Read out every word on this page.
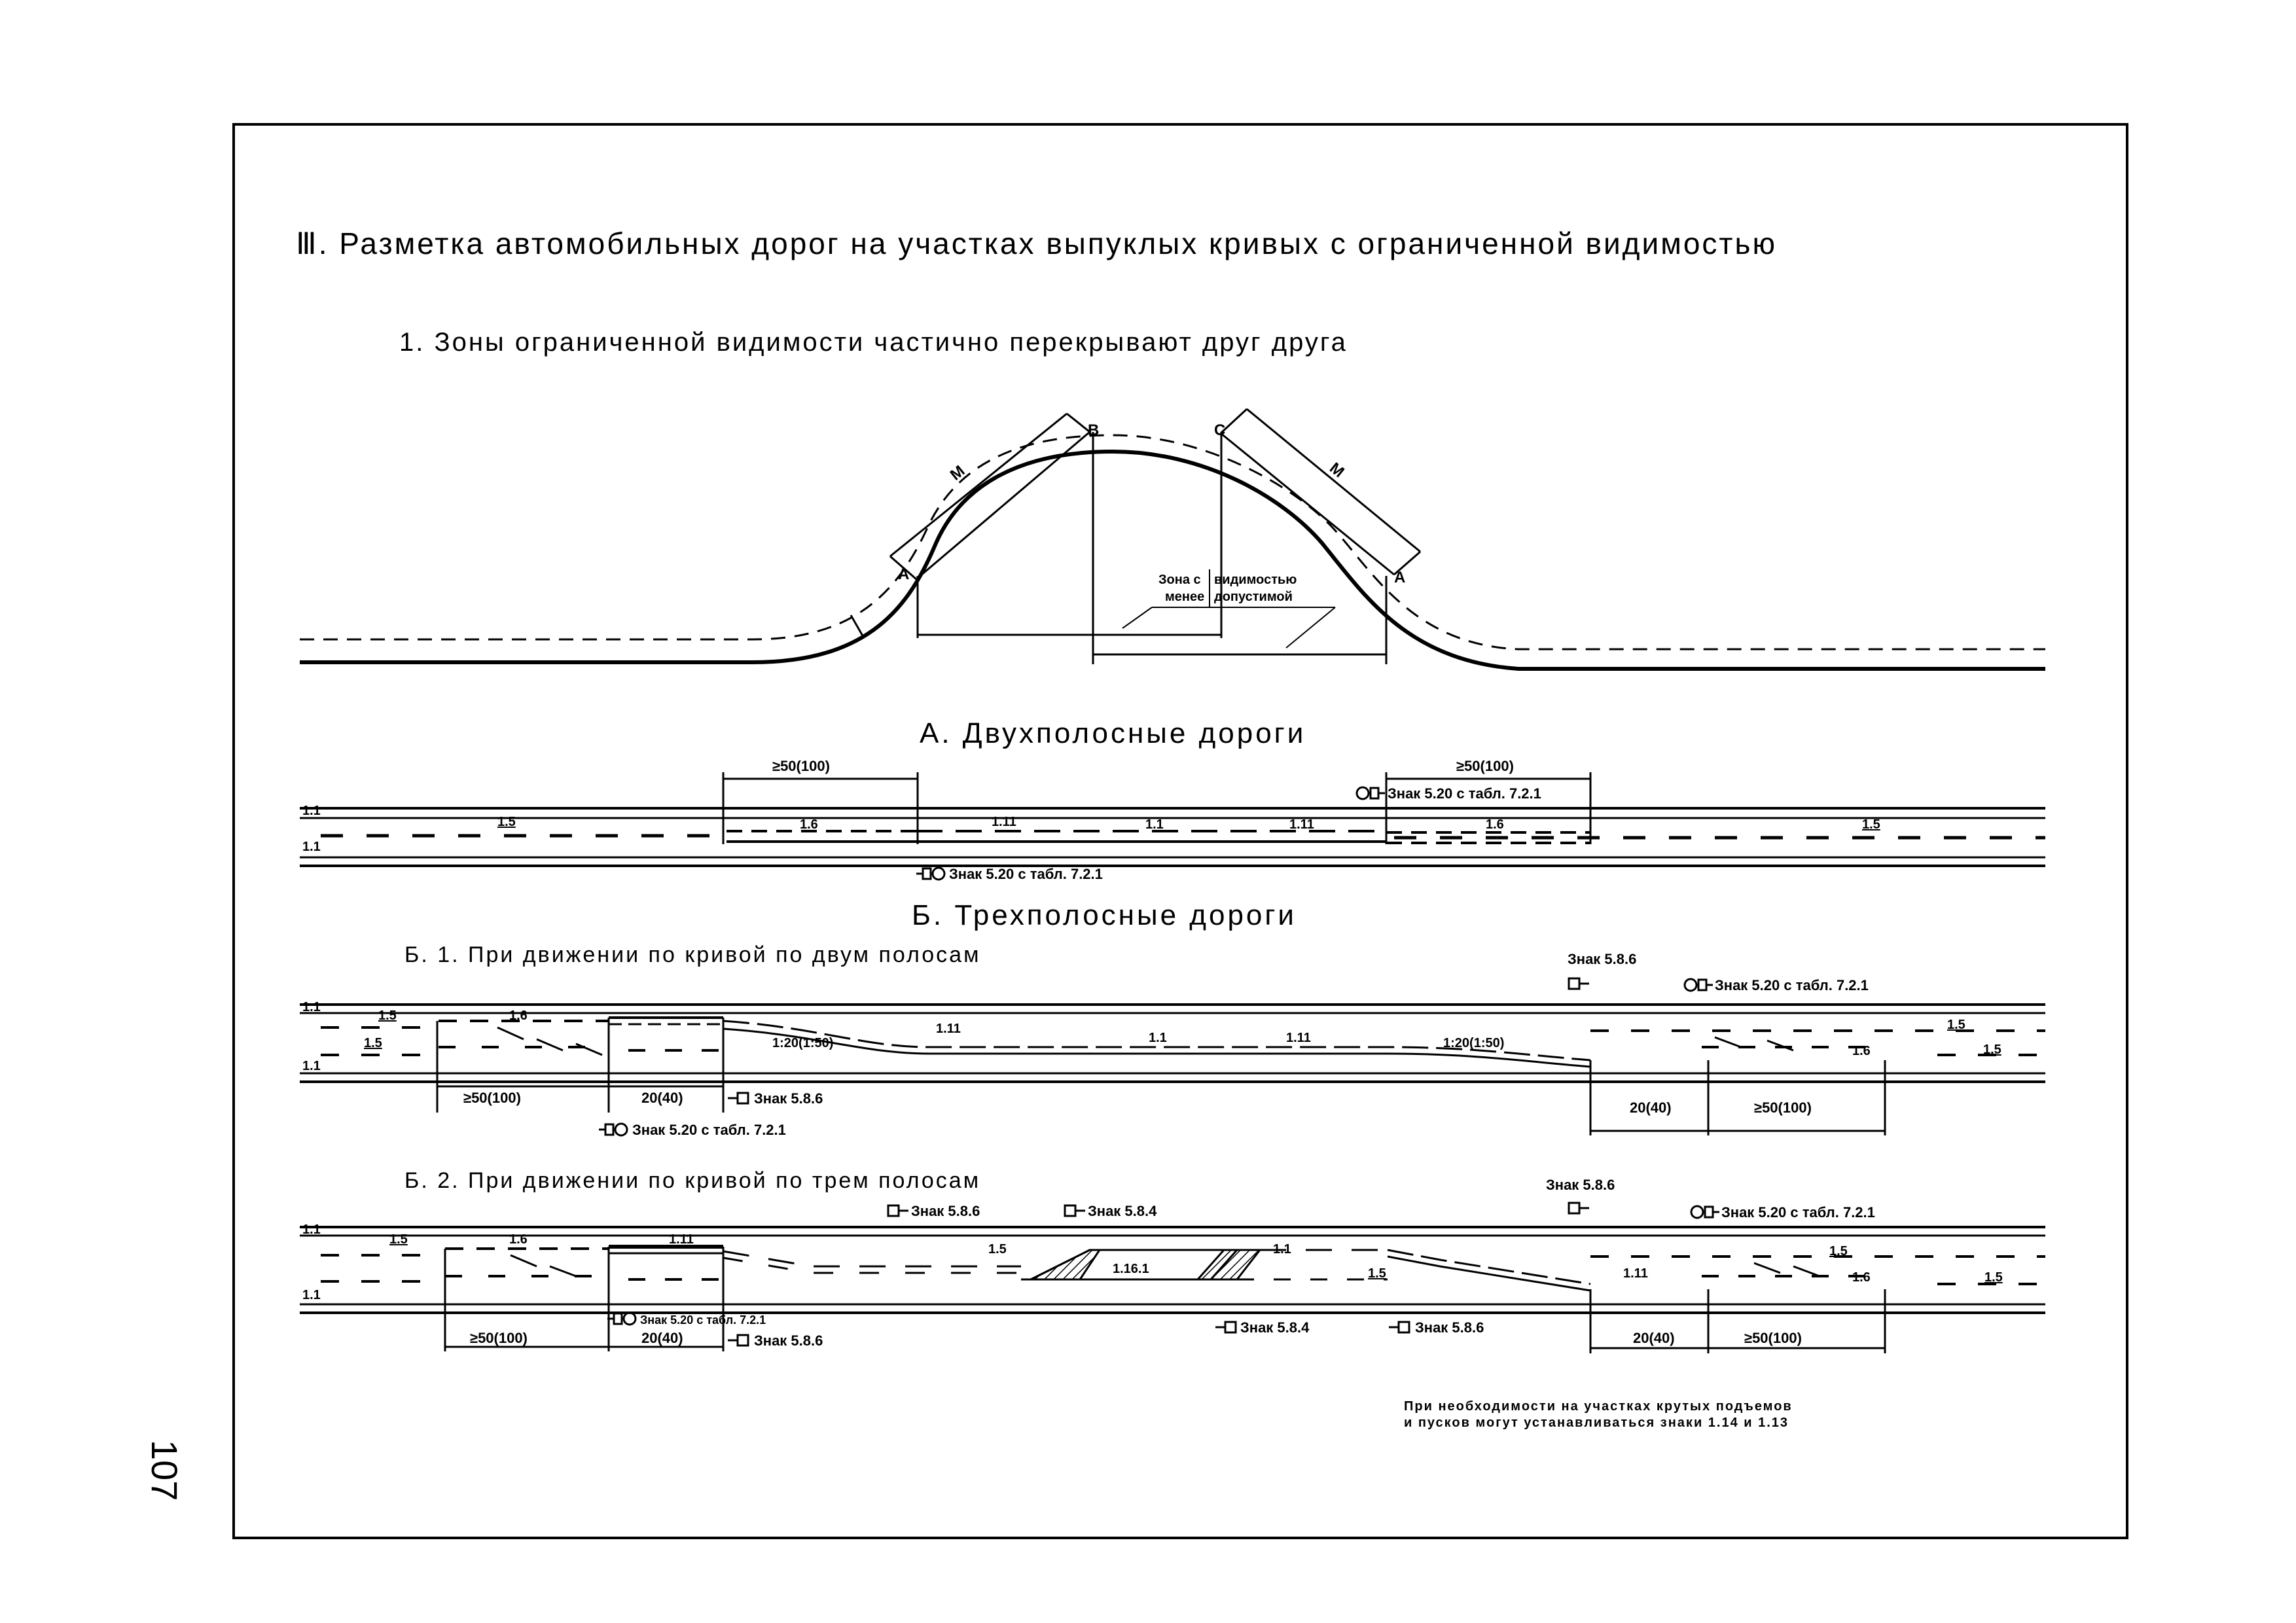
Ⅲ. Разметка автомобильных дорог на участках выпуклых кривых с ограниченной видимостью
1. Зоны ограниченной видимости частично перекрывают друг друга
A
B	C
A
M	M
Зона с видимостью
менее допустимой
А. Двухполосные дороги
≥50(100)	≥50(100)
Знак 5.20 с табл. 7.2.1
Знак 5.20 с табл. 7.2.1
1.1
1.1
1.5	1.6	1.11	1.1	1.11	1.6	1.5
Б. Трехполосные дороги
Б. 1. При движении по кривой по двум полосам	Знак 5.8.6
Знак 5.20 с табл. 7.2.1
1.1
1.1
1.5
1.5
1.6
1.11
1.1	1.11
1.6
1.5
1.5
1:20(1:50)	1:20(1:50)
≥50(100)	20(40)
20(40)	≥50(100)
Знак 5.8.6
Знак 5.20 с табл. 7.2.1
Б. 2. При движении по кривой по трем полосам	Знак 5.8.6
Знак 5.8.6	Знак 5.8.4	Знак 5.20 с табл. 7.2.1
1.1
1.1
1.5	1.6	1.11
1.5
1.16.1
1.1
1.5	1.11
1.5
1.6	1.5
≥50(100)	20(40)	20(40)	≥50(100)
Знак 5.20 с табл. 7.2.1
Знак 5.8.6
Знак 5.8.4	Знак 5.8.6
При необходимости на участках крутых подъемов
и пусков могут устанавливаться знаки 1.14 и 1.13
107
